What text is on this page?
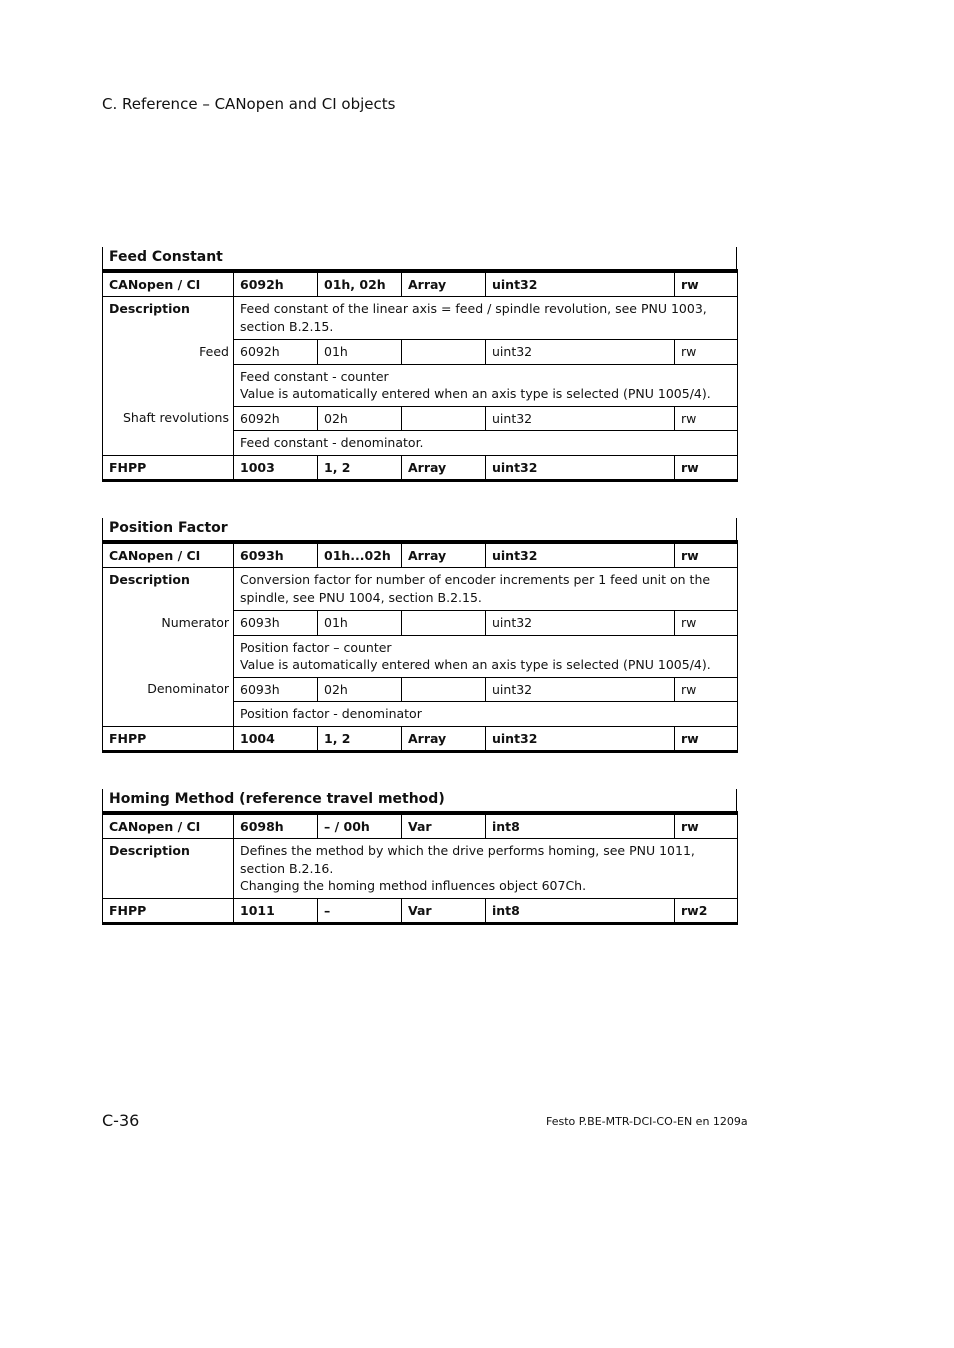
C. Reference – CANopen and CI objects
Feed Constant					
CANopen / CI	6092h	01h, 02h	Array	uint32	rw
Description	Feed constant of the linear axis = feed / spindle revolution, see PNU 1003, section B.2.15.				
Feed	6092h	01h		uint32	rw

	Feed constant - counter
Value is automatically entered when an axis type is selected (PNU 1005/4).				

Shaft revolutions	6092h	02h		uint32	rw

	Feed constant - denominator.				

FHPP	1003	1, 2	Array	uint32	rw
Position Factor					
CANopen / CI	6093h	01h...02h	Array	uint32	rw
Description	Conversion factor for number of encoder increments per 1 feed unit on the spindle, see PNU 1004, section B.2.15.				
Numerator	6093h	01h		uint32	rw

	Position factor – counter
Value is automatically entered when an axis type is selected (PNU 1005/4).				

Denominator	6093h	02h		uint32	rw

	Position factor - denominator				

FHPP	1004	1, 2	Array	uint32	rw
Homing Method (reference travel method)					
CANopen / CI	6098h	– / 00h	Var	int8	rw
Description	Defines the method by which the drive performs homing, see PNU 1011,
section B.2.16.
Changing the homing method influences object 607Ch.				

FHPP	1011	–	Var	int8	rw2
C-36	Festo P.BE-MTR-DCI-CO-EN en 1209a
